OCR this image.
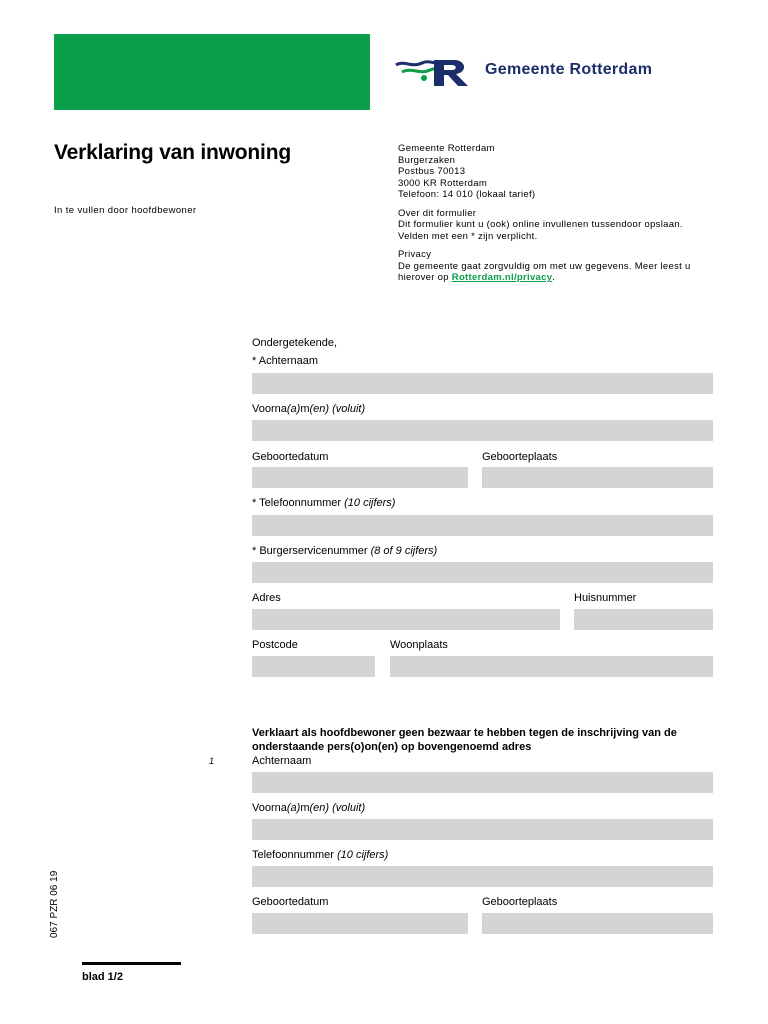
Gemeente Rotterdam
Verklaring van inwoning
In te vullen door hoofdbewoner
Gemeente Rotterdam
Burgerzaken
Postbus 70013
3000 KR Rotterdam
Telefoon: 14 010 (lokaal tarief)
Over dit formulier
Dit formulier kunt u (ook) online invullenen tussendoor opslaan.
Velden met een * zijn verplicht.
Privacy
De gemeente gaat zorgvuldig om met uw gegevens. Meer leest u
hierover op Rotterdam.nl/privacy.
Ondergetekende,
* Achternaam
Voorna(a)m(en) (voluit)
Geboortedatum	Geboorteplaats
* Telefoonnummer (10 cijfers)
* Burgerservicenummer (8 of 9 cijfers)
Adres	Huisnummer
Postcode	Woonplaats
Verklaart als hoofdbewoner geen bezwaar te hebben tegen de inschrijving van de onderstaande pers(o)on(en) op bovengenoemd adres
1	Achternaam
Voorna(a)m(en) (voluit)
Telefoonnummer (10 cijfers)
Geboortedatum	Geboorteplaats
067 PZR 06 19
blad 1/2
